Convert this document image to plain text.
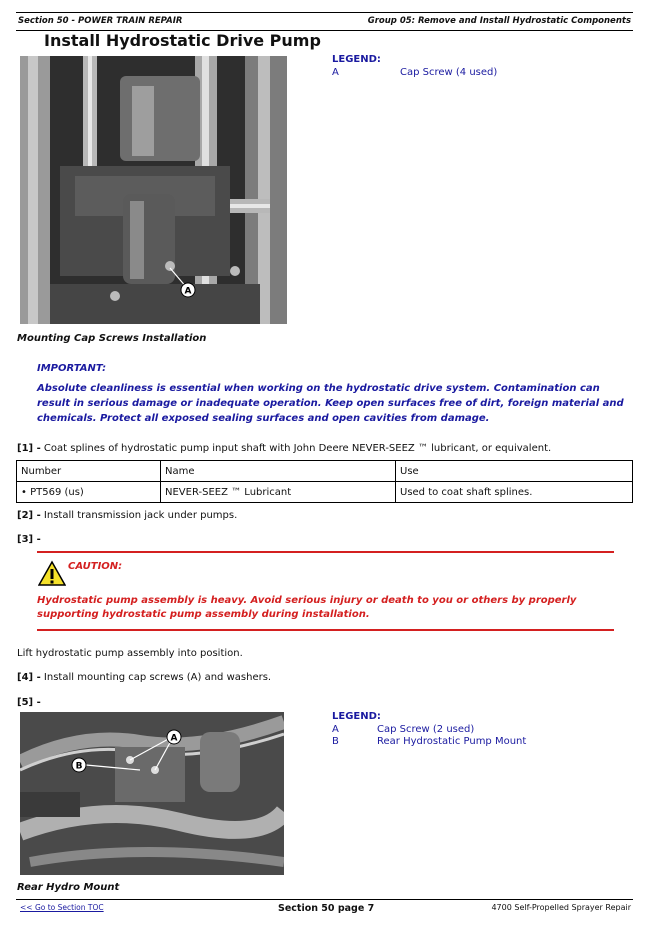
Section 50 - POWER TRAIN REPAIR	Group 05: Remove and Install Hydrostatic Components
Install Hydrostatic Drive Pump
A
LEGEND:
A	Cap Screw (4 used)
Mounting Cap Screws Installation
IMPORTANT:
Absolute cleanliness is essential when working on the hydrostatic drive system. Contamination can result in serious damage or inadequate operation. Keep open surfaces free of dirt, foreign material and chemicals. Protect all exposed sealing surfaces and open cavities from damage.
[1] - Coat splines of hydrostatic pump input shaft with John Deere NEVER-SEEZ ™ lubricant, or equivalent.
Number	Name	Use
• PT569 (us)	NEVER-SEEZ ™ Lubricant	Used to coat shaft splines.
[2] - Install transmission jack under pumps.
[3] -
CAUTION:
Hydrostatic pump assembly is heavy. Avoid serious injury or death to you or others by properly supporting hydrostatic pump assembly during installation.
Lift hydrostatic pump assembly into position.
[4] - Install mounting cap screws (A) and washers.
[5] -
A
B
LEGEND:
A	Cap Screw (2 used)
B	Rear Hydrostatic Pump Mount
Rear Hydro Mount
<< Go to Section TOC	Section 50 page 7	4700 Self-Propelled Sprayer Repair
